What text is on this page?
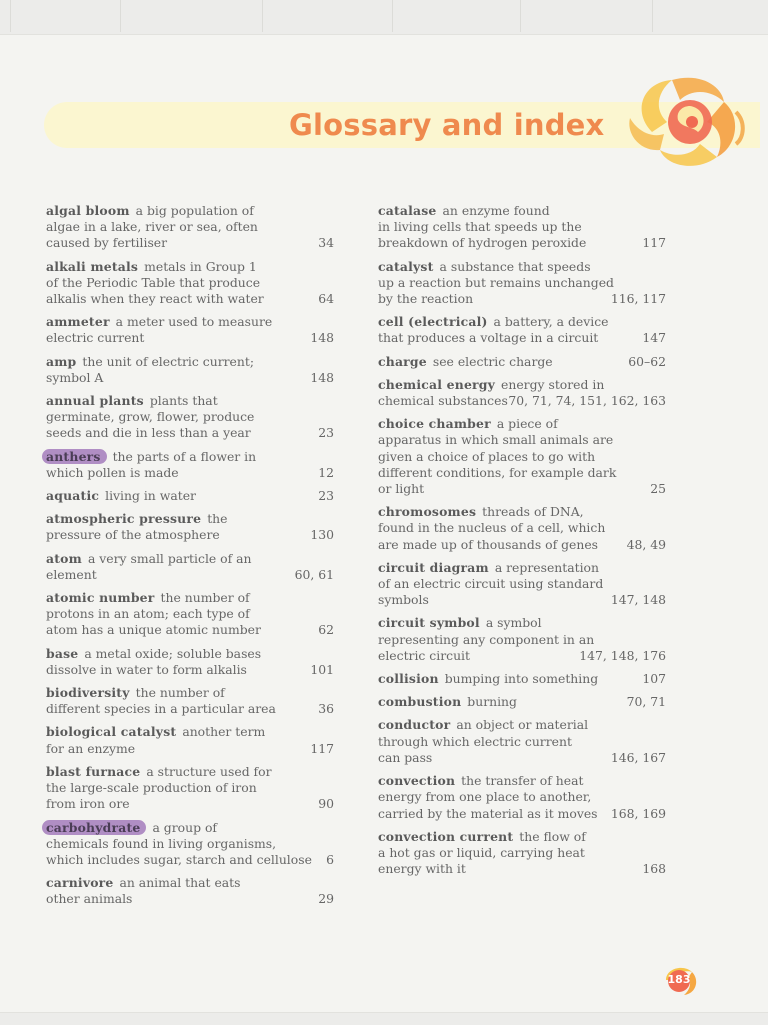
Glossary and index
algal bloom a big population of
algae in a lake, river or sea, often
caused by fertiliser	34
alkali metals metals in Group 1
of the Periodic Table that produce
alkalis when they react with water	64
ammeter a meter used to measure
electric current	148
amp the unit of electric current;
symbol A	148
annual plants plants that
germinate, grow, flower, produce
seeds and die in less than a year	23
anthers the parts of a flower in
which pollen is made	12
aquatic living in water	23
atmospheric pressure the
pressure of the atmosphere	130
atom a very small particle of an
element	60, 61
atomic number the number of
protons in an atom; each type of
atom has a unique atomic number	62
base a metal oxide; soluble bases
dissolve in water to form alkalis	101
biodiversity the number of
different species in a particular area	36
biological catalyst another term
for an enzyme	117
blast furnace a structure used for
the large-scale production of iron
from iron ore	90
carbohydrate a group of
chemicals found in living organisms,
which includes sugar, starch and cellulose	6
carnivore an animal that eats
other animals	29
catalase an enzyme found
in living cells that speeds up the
breakdown of hydrogen peroxide	117
catalyst a substance that speeds
up a reaction but remains unchanged
by the reaction	116, 117
cell (electrical) a battery, a device
that produces a voltage in a circuit	147
charge see electric charge	60–62
chemical energy energy stored in
chemical substances 70, 71, 74, 151, 162, 163
choice chamber a piece of
apparatus in which small animals are
given a choice of places to go with
different conditions, for example dark
or light	25
chromosomes threads of DNA,
found in the nucleus of a cell, which
are made up of thousands of genes	48, 49
circuit diagram a representation
of an electric circuit using standard
symbols	147, 148
circuit symbol a symbol
representing any component in an
electric circuit	147, 148, 176
collision bumping into something	107
combustion burning	70, 71
conductor an object or material
through which electric current
can pass	146, 167
convection the transfer of heat
energy from one place to another,
carried by the material as it moves	168, 169
convection current the flow of
a hot gas or liquid, carrying heat
energy with it	168
183
